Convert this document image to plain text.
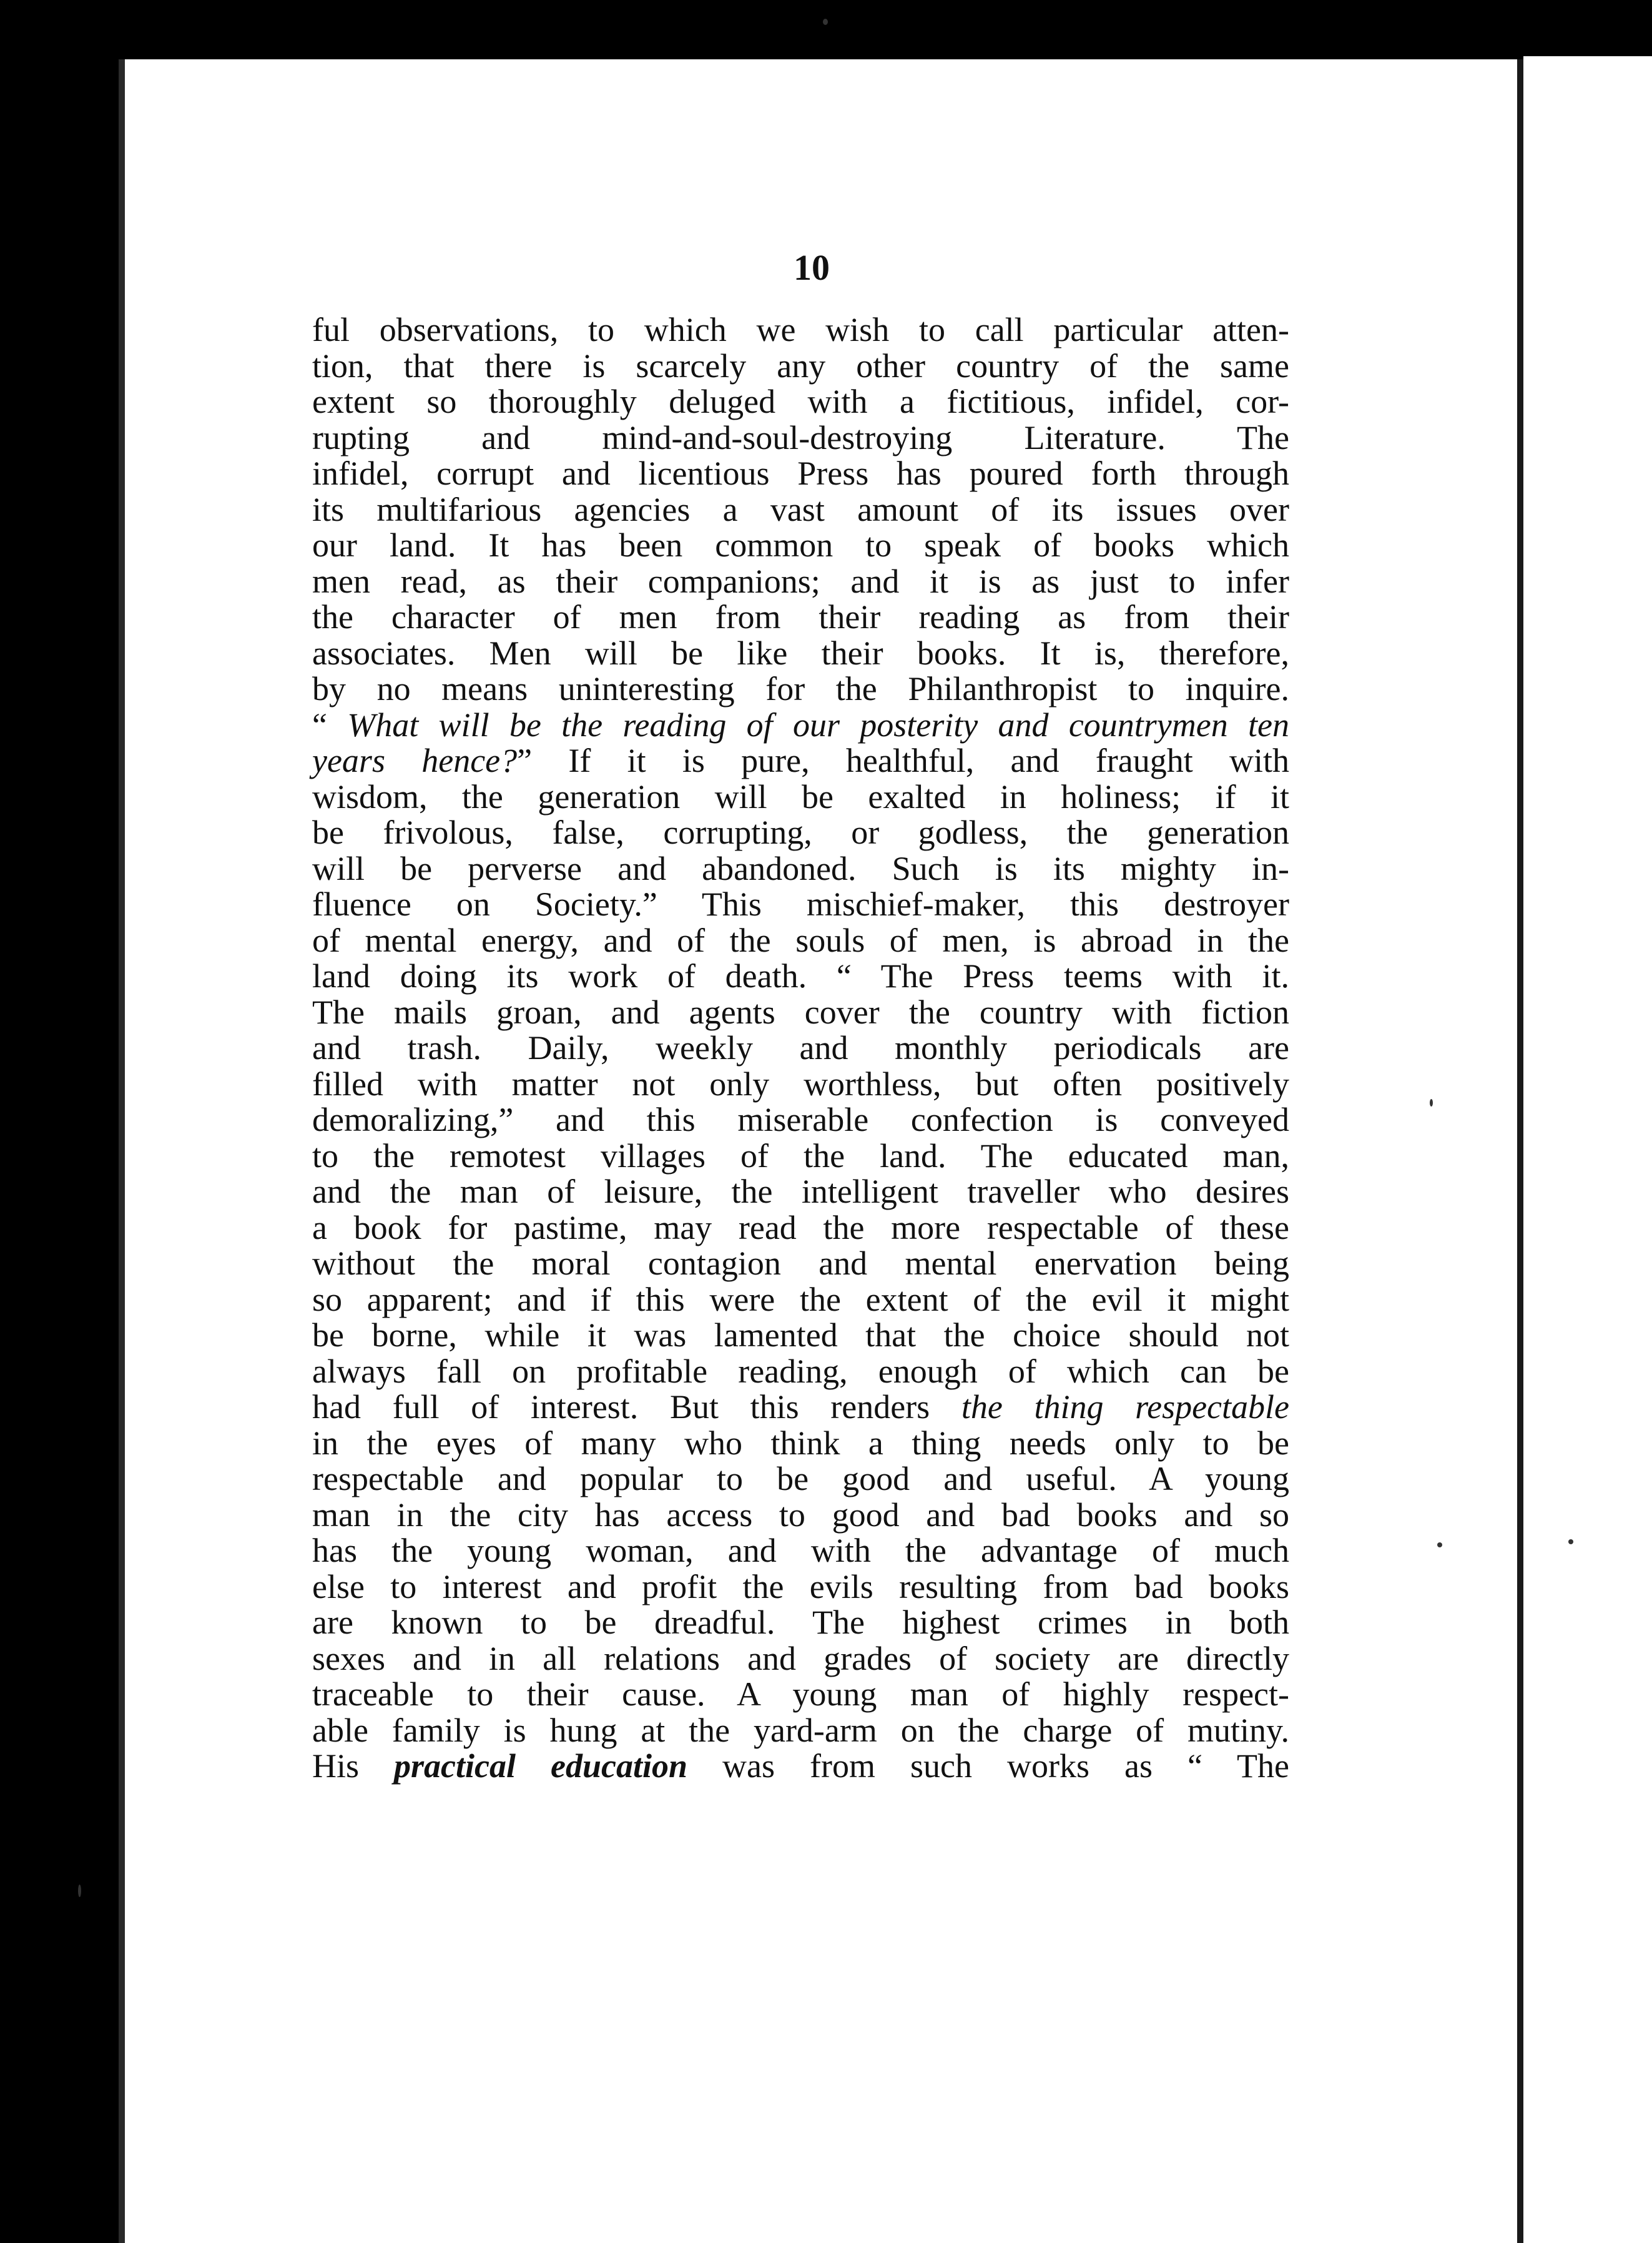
10
ful observations, to which we wish to call particular atten-
tion, that there is scarcely any other country of the same
extent so thoroughly deluged with a fictitious, infidel, cor-
rupting and mind-and-soul-destroying Literature. The
infidel, corrupt and licentious Press has poured forth through
its multifarious agencies a vast amount of its issues over
our land. It has been common to speak of books which
men read, as their companions; and it is as just to infer
the character of men from their reading as from their
associates. Men will be like their books. It is, therefore,
by no means uninteresting for the Philanthropist to inquire.
“ What will be the reading of our posterity and countrymen ten
years hence?” If it is pure, healthful, and fraught with
wisdom, the generation will be exalted in holiness; if it
be frivolous, false, corrupting, or godless, the generation
will be perverse and abandoned. Such is its mighty in-
fluence on Society.” This mischief-maker, this destroyer
of mental energy, and of the souls of men, is abroad in the
land doing its work of death. “ The Press teems with it.
The mails groan, and agents cover the country with fiction
and trash. Daily, weekly and monthly periodicals are
filled with matter not only worthless, but often positively
demoralizing,” and this miserable confection is conveyed
to the remotest villages of the land. The educated man,
and the man of leisure, the intelligent traveller who desires
a book for pastime, may read the more respectable of these
without the moral contagion and mental enervation being
so apparent; and if this were the extent of the evil it might
be borne, while it was lamented that the choice should not
always fall on profitable reading, enough of which can be
had full of interest. But this renders the thing respectable
in the eyes of many who think a thing needs only to be
respectable and popular to be good and useful. A young
man in the city has access to good and bad books and so
has the young woman, and with the advantage of much
else to interest and profit the evils resulting from bad books
are known to be dreadful. The highest crimes in both
sexes and in all relations and grades of society are directly
traceable to their cause. A young man of highly respect-
able family is hung at the yard-arm on the charge of mutiny.
His practical education was from such works as “ The
